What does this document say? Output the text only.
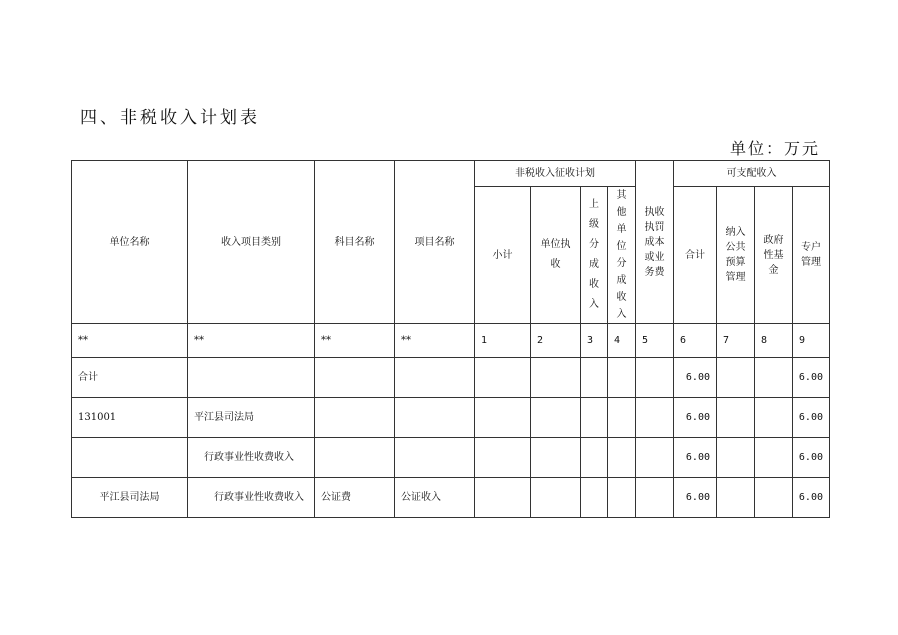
四、非税收入计划表
单位：万元
单位名称	收入项目类别	科目名称	项目名称	非税收入征收计划				执收执罚成本或业务费	可支配收入			
				小计	单位执收	上级分成收入	其他单位分成收入		合计	纳入公共预算管理	政府性基金	专户管理

**	**	**	**	1	2	3	4	5	6	7	8	9
合计									6.00			6.00
131001	平江县司法局								6.00			6.00
	行政事业性收费收入								6.00			6.00
平江县司法局	行政事业性收费收入	公证费	公证收入						6.00			6.00
